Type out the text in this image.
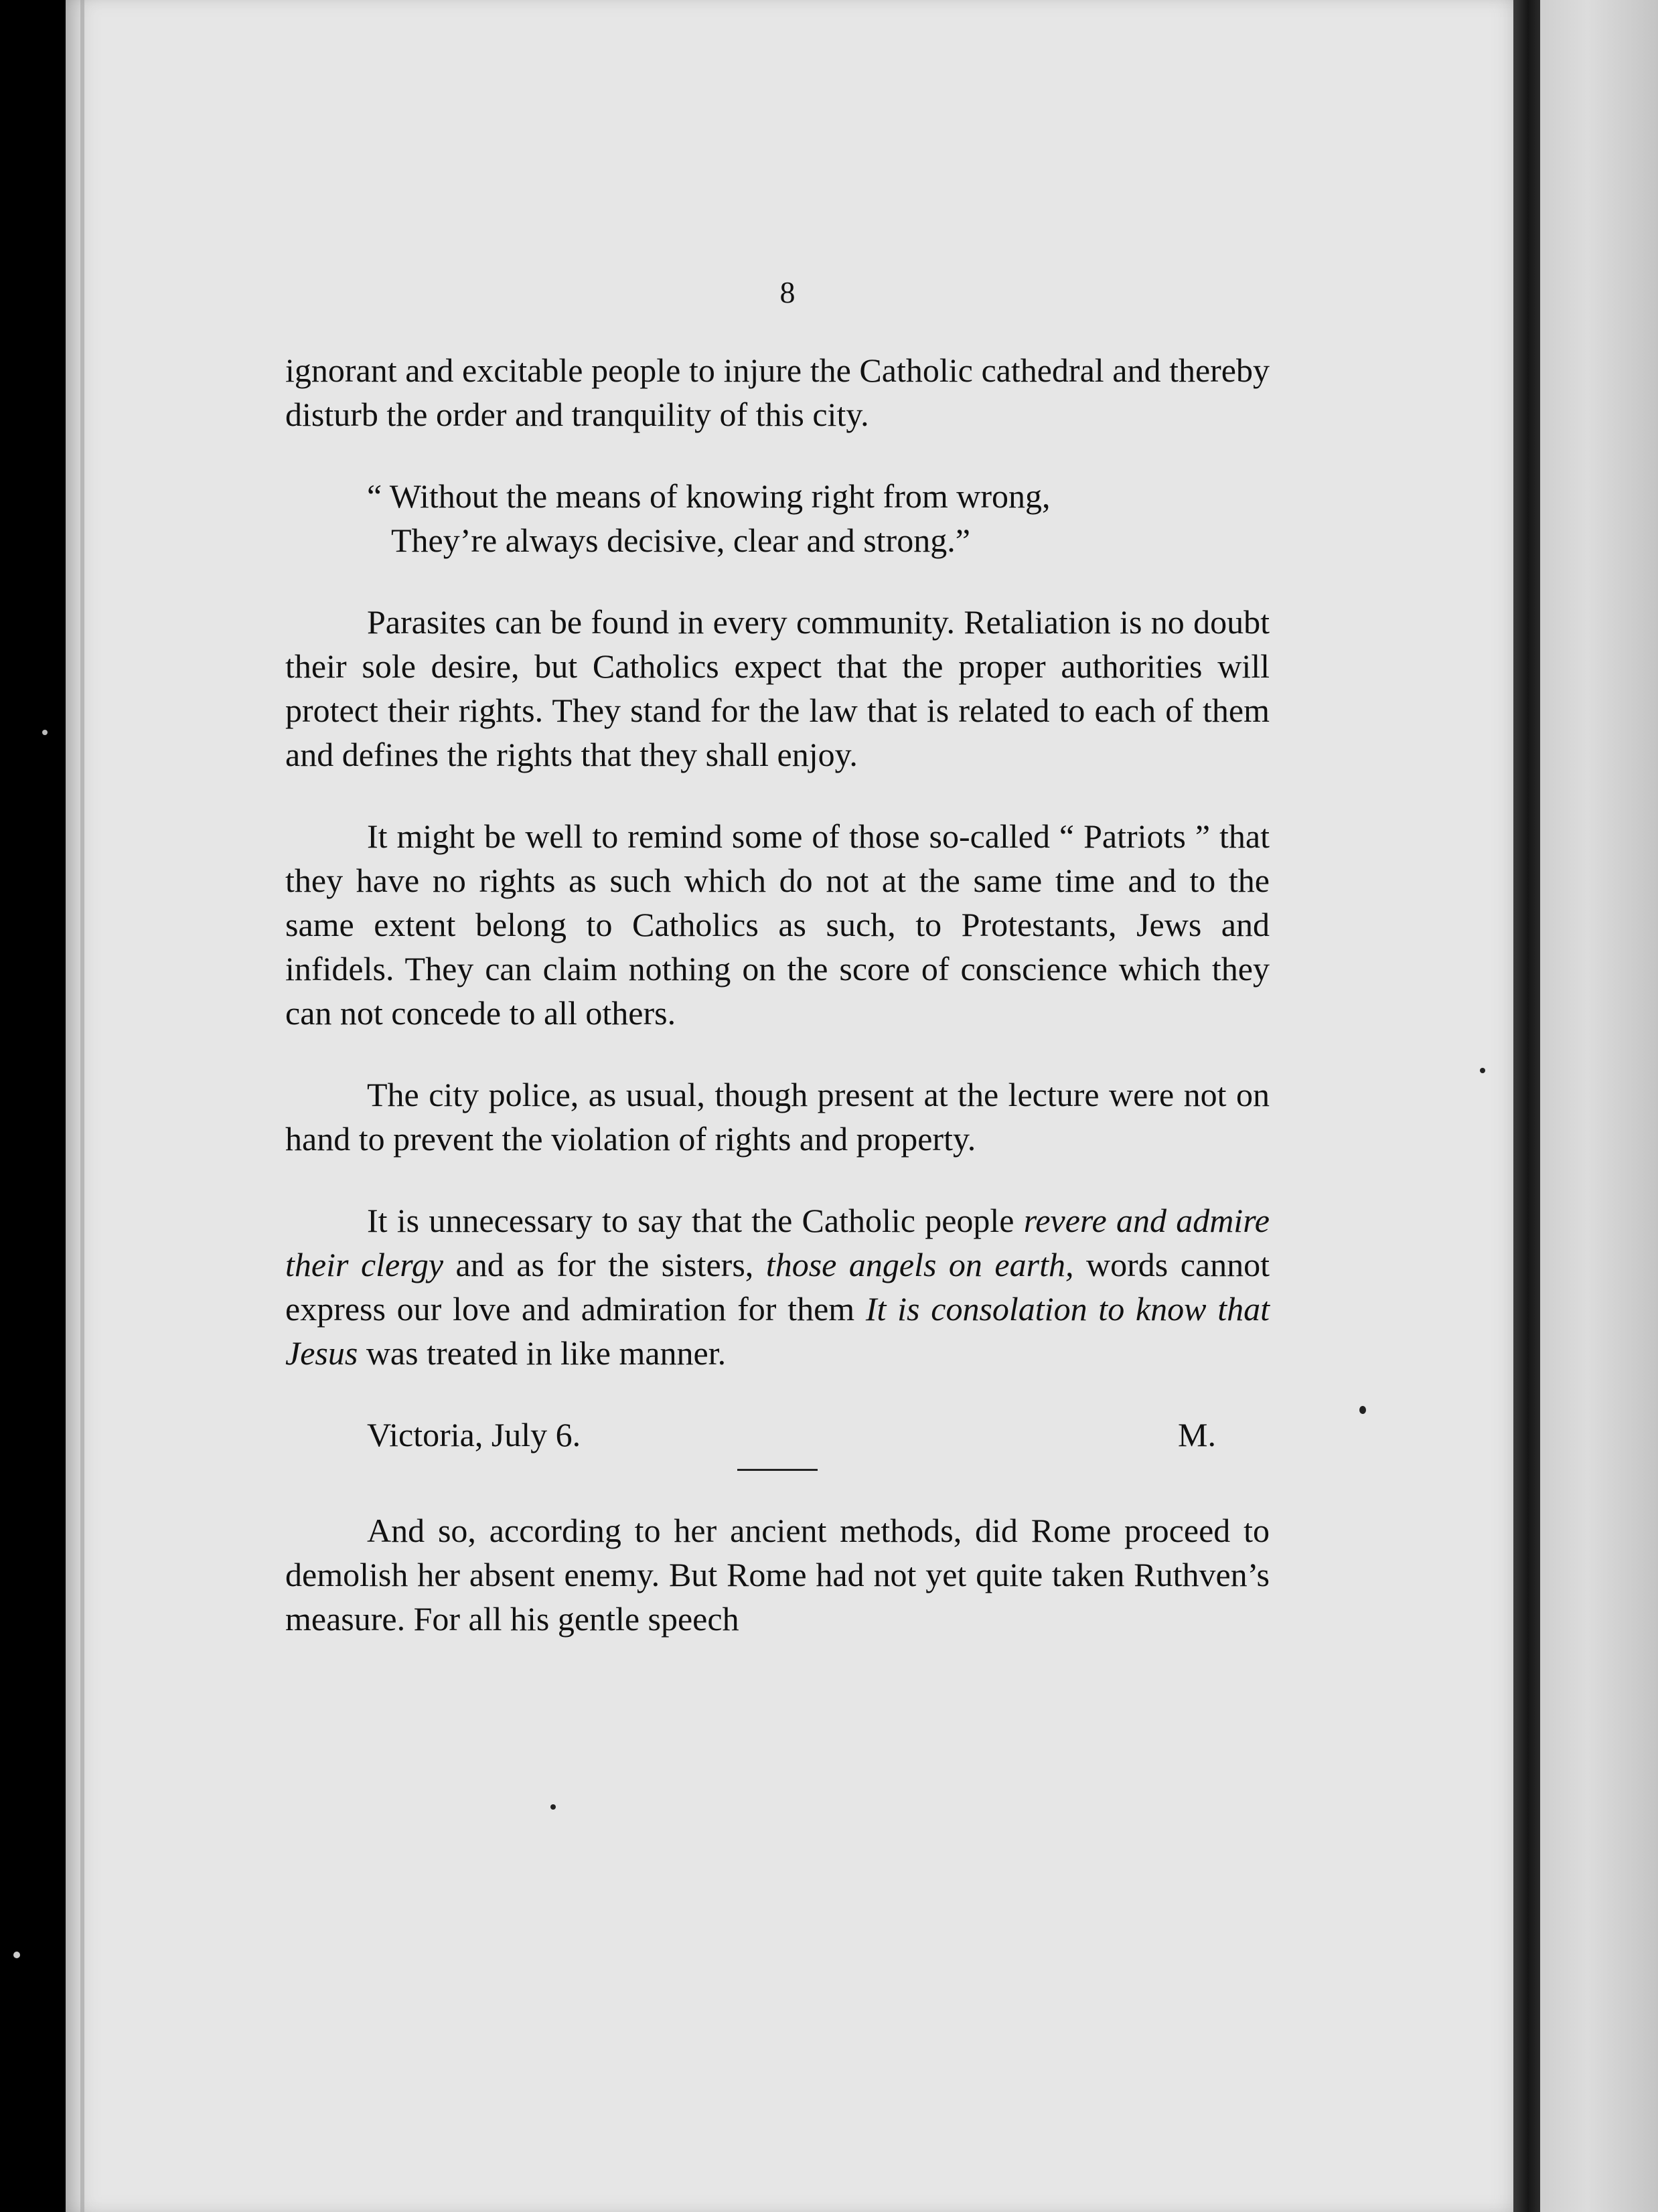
8

ignorant and excitable people to injure the Catholic cathedral and thereby disturb the order and tranquility of this city.

“ Without the means of knowing right from wrong,
They’re always decisive, clear and strong.”

Parasites can be found in every community. Retaliation is no doubt their sole desire, but Catholics expect that the proper authorities will protect their rights. They stand for the law that is related to each of them and defines the rights that they shall enjoy.

It might be well to remind some of those so-called “ Patriots ” that they have no rights as such which do not at the same time and to the same extent belong to Catholics as such, to Protestants, Jews and infidels. They can claim nothing on the score of conscience which they can not concede to all others.

The city police, as usual, though present at the lecture were not on hand to prevent the violation of rights and property.

It is unnecessary to say that the Catholic people revere and admire their clergy and as for the sisters, those angels on earth, words cannot express our love and admiration for them It is consolation to know that Jesus was treated in like manner.

Victoria, July 6.	M.

And so, according to her ancient methods, did Rome proceed to demolish her absent enemy. But Rome had not yet quite taken Ruthven’s measure. For all his gentle speech
